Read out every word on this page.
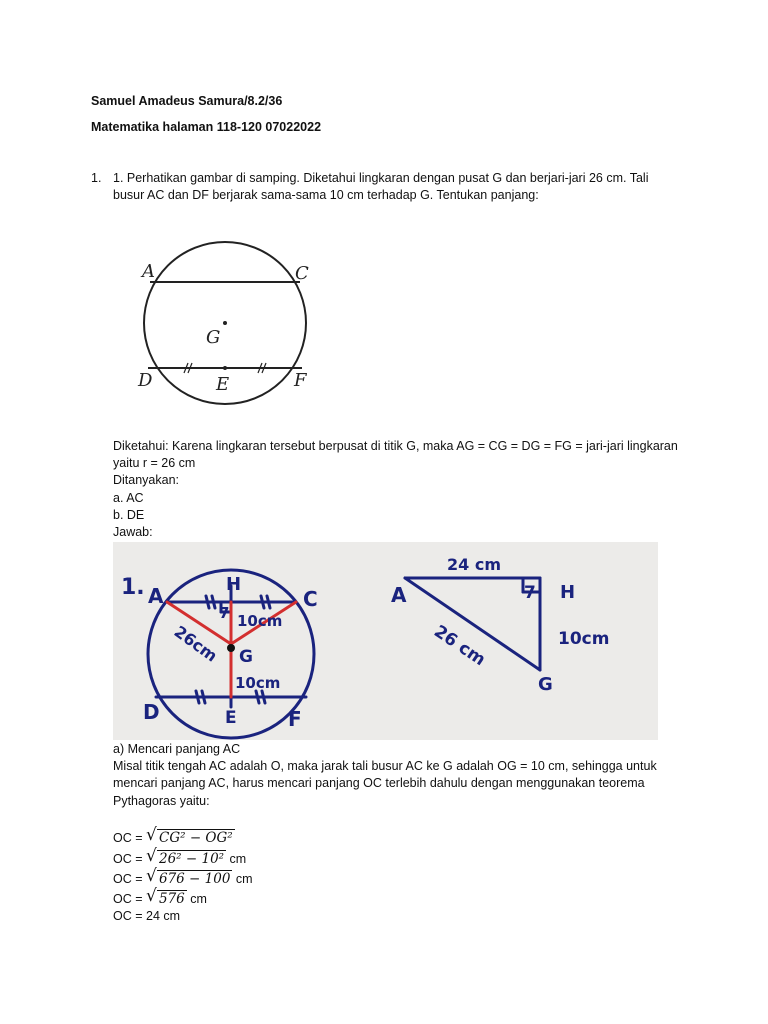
Samuel Amadeus Samura/8.2/36
Matematika halaman 118-120 07022022
1. 1. Perhatikan gambar di samping. Diketahui lingkaran dengan pusat G dan berjari-jari 26 cm. Tali
busur AC dan DF berjarak sama-sama 10 cm terhadap G. Tentukan panjang:
A	C
G
D	E	F
Diketahui: Karena lingkaran tersebut berpusat di titik G, maka AG = CG = DG = FG = jari-jari lingkaran
yaitu r = 26 cm
Ditanyakan:
a. AC
b. DE
Jawab:
1. A	H
C
7 10cm
26cm G
10cm
D	E	F
24 cm
A	7 H
26 cm	10cm
G
a) Mencari panjang AC
Misal titik tengah AC adalah O, maka jarak tali busur AC ke G adalah OG = 10 cm, sehingga untuk
mencari panjang AC, harus mencari panjang OC terlebih dahulu dengan menggunakan teorema
Pythagoras yaitu:
OC = √ CG² − OG²
OC = √ 26² − 10² cm
OC = √ 676 − 100 cm
OC = √ 576 cm
OC = 24 cm
